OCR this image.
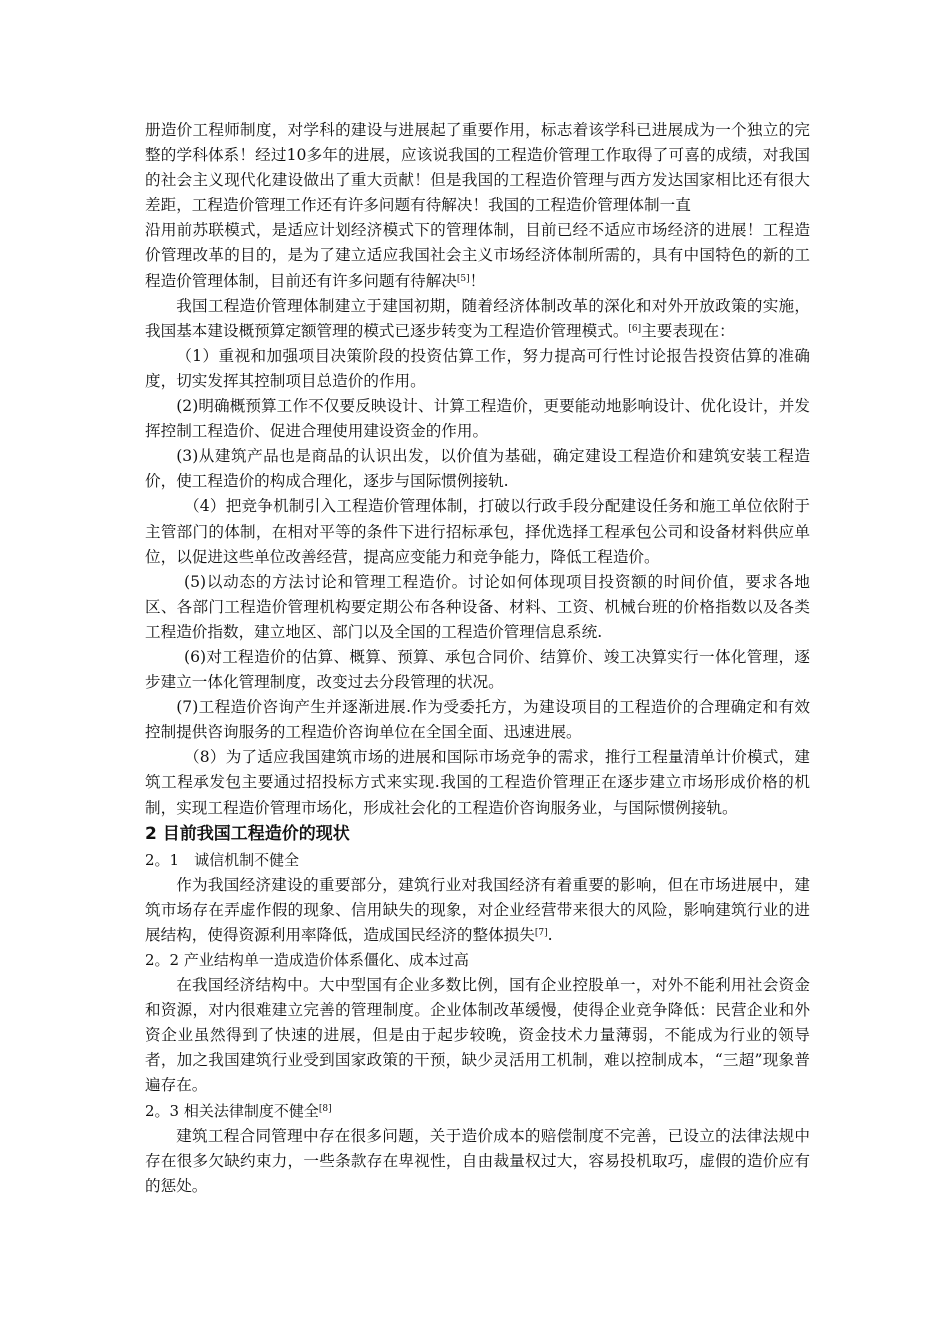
册造价工程师制度，对学科的建设与进展起了重要作用，标志着该学科已进展成为一个独立的完整的学科体系！经过10多年的进展，应该说我国的工程造价管理工作取得了可喜的成绩，对我国的社会主义现代化建设做出了重大贡献！但是我国的工程造价管理与西方发达国家相比还有很大差距，工程造价管理工作还有许多问题有待解决！我国的工程造价管理体制一直

沿用前苏联模式，是适应计划经济模式下的管理体制，目前已经不适应市场经济的进展！工程造价管理改革的目的，是为了建立适应我国社会主义市场经济体制所需的，具有中国特色的新的工程造价管理体制，目前还有许多问题有待解决[5]！

我国工程造价管理体制建立于建国初期，随着经济体制改革的深化和对外开放政策的实施，我国基本建设概预算定额管理的模式已逐步转变为工程造价管理模式。[6]主要表现在：

（1）重视和加强项目决策阶段的投资估算工作，努力提高可行性讨论报告投资估算的准确度，切实发挥其控制项目总造价的作用。

(2)明确概预算工作不仅要反映设计、计算工程造价，更要能动地影响设计、优化设计，并发挥控制工程造价、促进合理使用建设资金的作用。

(3)从建筑产品也是商品的认识出发，以价值为基础，确定建设工程造价和建筑安装工程造价，使工程造价的构成合理化，逐步与国际惯例接轨.

（4）把竞争机制引入工程造价管理体制，打破以行政手段分配建设任务和施工单位依附于主管部门的体制，在相对平等的条件下进行招标承包，择优选择工程承包公司和设备材料供应单位，以促进这些单位改善经营，提高应变能力和竞争能力，降低工程造价。

(5)以动态的方法讨论和管理工程造价。讨论如何体现项目投资额的时间价值，要求各地区、各部门工程造价管理机构要定期公布各种设备、材料、工资、机械台班的价格指数以及各类工程造价指数，建立地区、部门以及全国的工程造价管理信息系统.

(6)对工程造价的估算、概算、预算、承包合同价、结算价、竣工决算实行一体化管理，逐步建立一体化管理制度，改变过去分段管理的状况。

(7)工程造价咨询产生并逐渐进展.作为受委托方，为建设项目的工程造价的合理确定和有效控制提供咨询服务的工程造价咨询单位在全国全面、迅速进展。

（8）为了适应我国建筑市场的进展和国际市场竞争的需求，推行工程量清单计价模式，建筑工程承发包主要通过招投标方式来实现.我国的工程造价管理正在逐步建立市场形成价格的机制，实现工程造价管理市场化，形成社会化的工程造价咨询服务业，与国际惯例接轨。

2 目前我国工程造价的现状

2。1　诚信机制不健全

作为我国经济建设的重要部分，建筑行业对我国经济有着重要的影响，但在市场进展中，建筑市场存在弄虚作假的现象、信用缺失的现象，对企业经营带来很大的风险，影响建筑行业的进展结构，使得资源利用率降低，造成国民经济的整体损失[7].

2。2 产业结构单一造成造价体系僵化、成本过高

在我国经济结构中。大中型国有企业多数比例，国有企业控股单一，对外不能利用社会资金和资源，对内很难建立完善的管理制度。企业体制改革缓慢，使得企业竞争降低：民营企业和外资企业虽然得到了快速的进展，但是由于起步较晚，资金技术力量薄弱，不能成为行业的领导者，加之我国建筑行业受到国家政策的干预，缺少灵活用工机制，难以控制成本，“三超”现象普遍存在。

2。3 相关法律制度不健全[8]

建筑工程合同管理中存在很多问题，关于造价成本的赔偿制度不完善，已设立的法律法规中存在很多欠缺约束力，一些条款存在卑视性，自由裁量权过大，容易投机取巧，虚假的造价应有的惩处。
